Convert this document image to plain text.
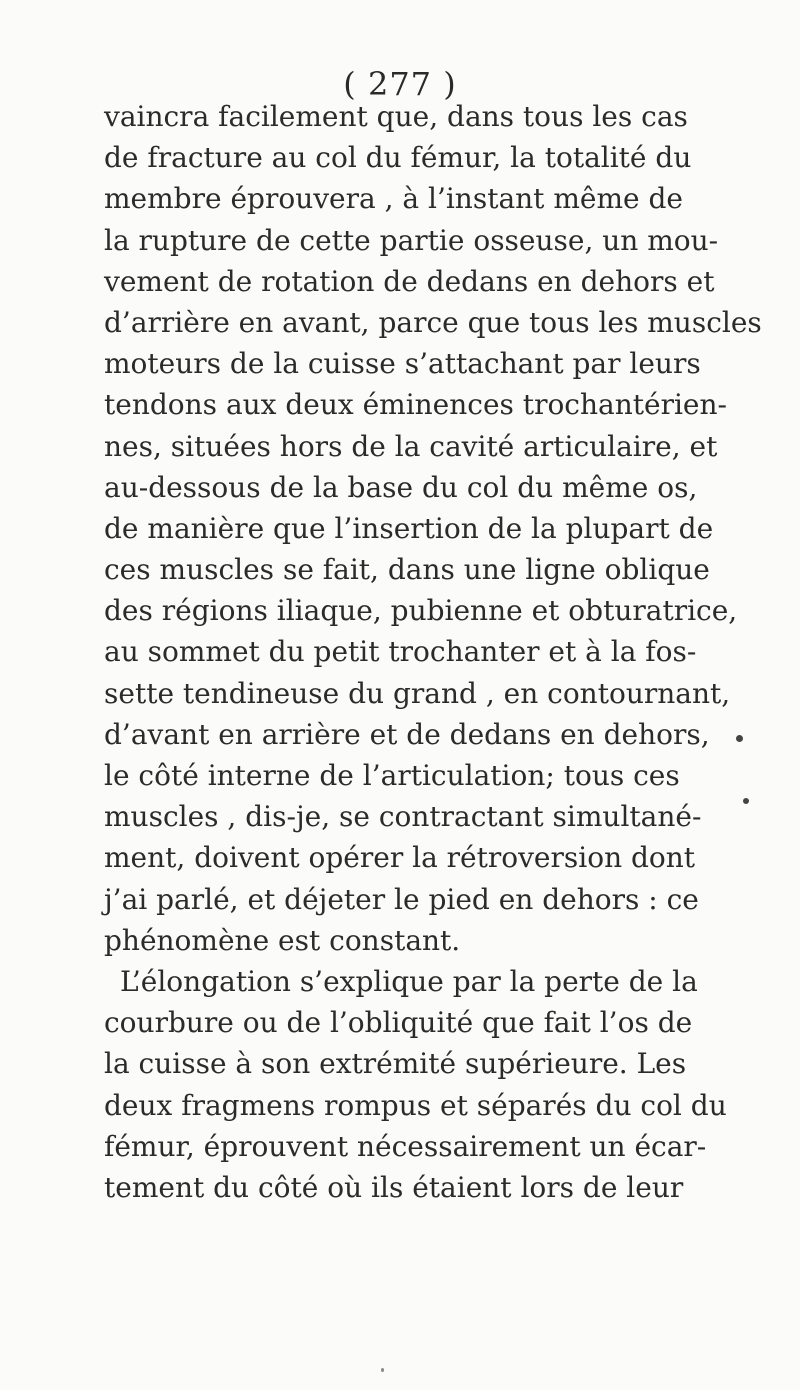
( 277 )
vaincra facilement que, dans tous les cas
de fracture au col du fémur, la totalité du
membre éprouvera , à l’instant même de
la rupture de cette partie osseuse, un mou-
vement de rotation de dedans en dehors et
d’arrière en avant, parce que tous les muscles
moteurs de la cuisse s’attachant par leurs
tendons aux deux éminences trochantérien-
nes, situées hors de la cavité articulaire, et
au-dessous de la base du col du même os,
de manière que l’insertion de la plupart de
ces muscles se fait, dans une ligne oblique
des régions iliaque, pubienne et obturatrice,
au sommet du petit trochanter et à la fos-
sette tendineuse du grand , en contournant,
d’avant en arrière et de dedans en dehors,
le côté interne de l’articulation; tous ces
muscles , dis-je, se contractant simultané-
ment, doivent opérer la rétroversion dont
j’ai parlé, et déjeter le pied en dehors : ce
phénomène est constant.
L’élongation s’explique par la perte de la
courbure ou de l’obliquité que fait l’os de
la cuisse à son extrémité supérieure. Les
deux fragmens rompus et séparés du col du
fémur, éprouvent nécessairement un écar-
tement du côté où ils étaient lors de leur
